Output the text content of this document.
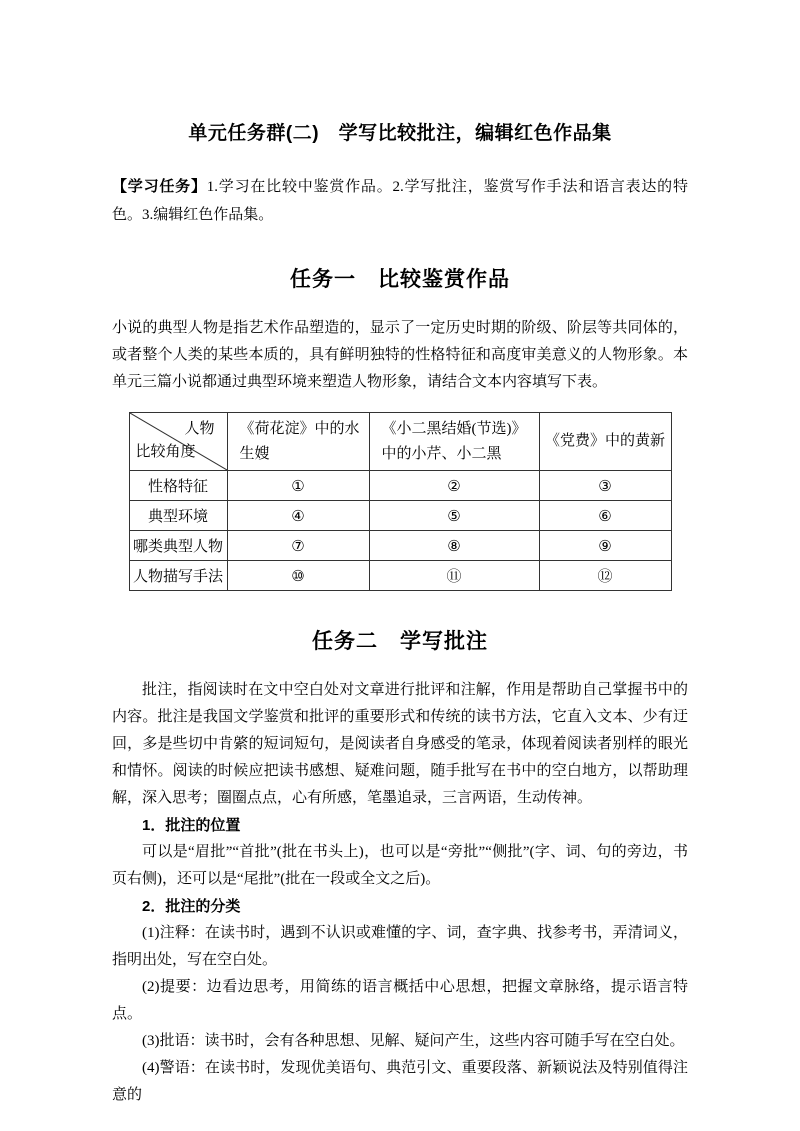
单元任务群(二)　学写比较批注，编辑红色作品集

【学习任务】1.学习在比较中鉴赏作品。2.学写批注，鉴赏写作手法和语言表达的特色。3.编辑红色作品集。

任务一　比较鉴赏作品

小说的典型人物是指艺术作品塑造的，显示了一定历史时期的阶级、阶层等共同体的，或者整个人类的某些本质的，具有鲜明独特的性格特征和高度审美意义的人物形象。本单元三篇小说都通过典型环境来塑造人物形象，请结合文本内容填写下表。

人物
比较角度	《荷花淀》中的水生嫂	《小二黑结婚(节选)》中的小芹、小二黑	《党费》中的黄新
性格特征	①	②	③
典型环境	④	⑤	⑥
哪类典型人物	⑦	⑧	⑨
人物描写手法	⑩	⑪	⑫
任务二　学写批注

批注，指阅读时在文中空白处对文章进行批评和注解，作用是帮助自己掌握书中的内容。批注是我国文学鉴赏和批评的重要形式和传统的读书方法，它直入文本、少有迂回，多是些切中肯綮的短词短句，是阅读者自身感受的笔录，体现着阅读者别样的眼光和情怀。阅读的时候应把读书感想、疑难问题，随手批写在书中的空白地方，以帮助理解，深入思考；圈圈点点，心有所感，笔墨追录，三言两语，生动传神。

1．批注的位置

可以是“眉批”“首批”(批在书头上)，也可以是“旁批”“侧批”(字、词、句的旁边，书页右侧)，还可以是“尾批”(批在一段或全文之后)。

2．批注的分类

(1)注释：在读书时，遇到不认识或难懂的字、词，查字典、找参考书，弄清词义，指明出处，写在空白处。

(2)提要：边看边思考，用简练的语言概括中心思想，把握文章脉络，提示语言特点。

(3)批语：读书时，会有各种思想、见解、疑问产生，这些内容可随手写在空白处。

(4)警语：在读书时，发现优美语句、典范引文、重要段落、新颖说法及特别值得注意的
